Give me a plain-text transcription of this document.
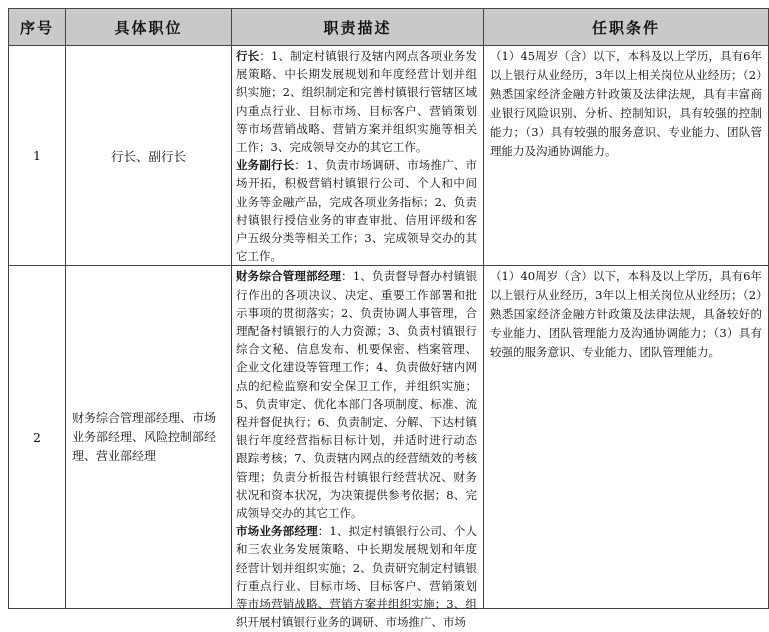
序号	具体职位	职责描述	任职条件
1	行长、副行长	行长：1、制定村镇银行及辖内网点各项业务发展策略、中长期发展规划和年度经营计划并组织实施；2、组织制定和完善村镇银行管辖区域内重点行业、目标市场、目标客户、营销策划等市场营销战略、营销方案并组织实施等相关工作；3、完成领导交办的其它工作。

业务副行长：1、负责市场调研、市场推广、市场开拓，积极营销村镇银行公司、个人和中间业务等金融产品，完成各项业务指标；2、负责村镇银行授信业务的审查审批、信用评级和客户五级分类等相关工作；3、完成领导交办的其它工作。	（1）45周岁（含）以下，本科及以上学历，具有6年以上银行从业经历，3年以上相关岗位从业经历；（2）熟悉国家经济金融方针政策及法律法规，具有丰富商业银行风险识别、分析、控制知识，具有较强的控制能力；（3）具有较强的服务意识、专业能力、团队管理能力及沟通协调能力。
2	财务综合管理部经理、市场业务部经理、风险控制部经理、营业部经理	财务综合管理部经理：1、负责督导督办村镇银行作出的各项决议、决定、重要工作部署和批示事项的贯彻落实；2、负责协调人事管理，合理配备村镇银行的人力资源；3、负责村镇银行综合文秘、信息发布、机要保密、档案管理、企业文化建设等管理工作；4、负责做好辖内网点的纪检监察和安全保卫工作，并组织实施；5、负责审定、优化本部门各项制度、标准、流程并督促执行；6、负责制定、分解、下达村镇银行年度经营指标目标计划，并适时进行动态跟踪考核；7、负责辖内网点的经营绩效的考核管理；负责分析报告村镇银行经营状况、财务状况和资本状况，为决策提供参考依据；8、完成领导交办的其它工作。

市场业务部经理：1、拟定村镇银行公司、个人和三农业务发展策略、中长期发展规划和年度经营计划并组织实施；2、负责研究制定村镇银行重点行业、目标市场、目标客户、营销策划等市场营销战略、营销方案并组织实施；3、组织开展村镇银行业务的调研、市场推广、市场	（1）40周岁（含）以下，本科及以上学历，具有6年以上银行从业经历，3年以上相关岗位从业经历；（2）熟悉国家经济金融方针政策及法律法规，具备较好的专业能力、团队管理能力及沟通协调能力；（3）具有较强的服务意识、专业能力、团队管理能力。
